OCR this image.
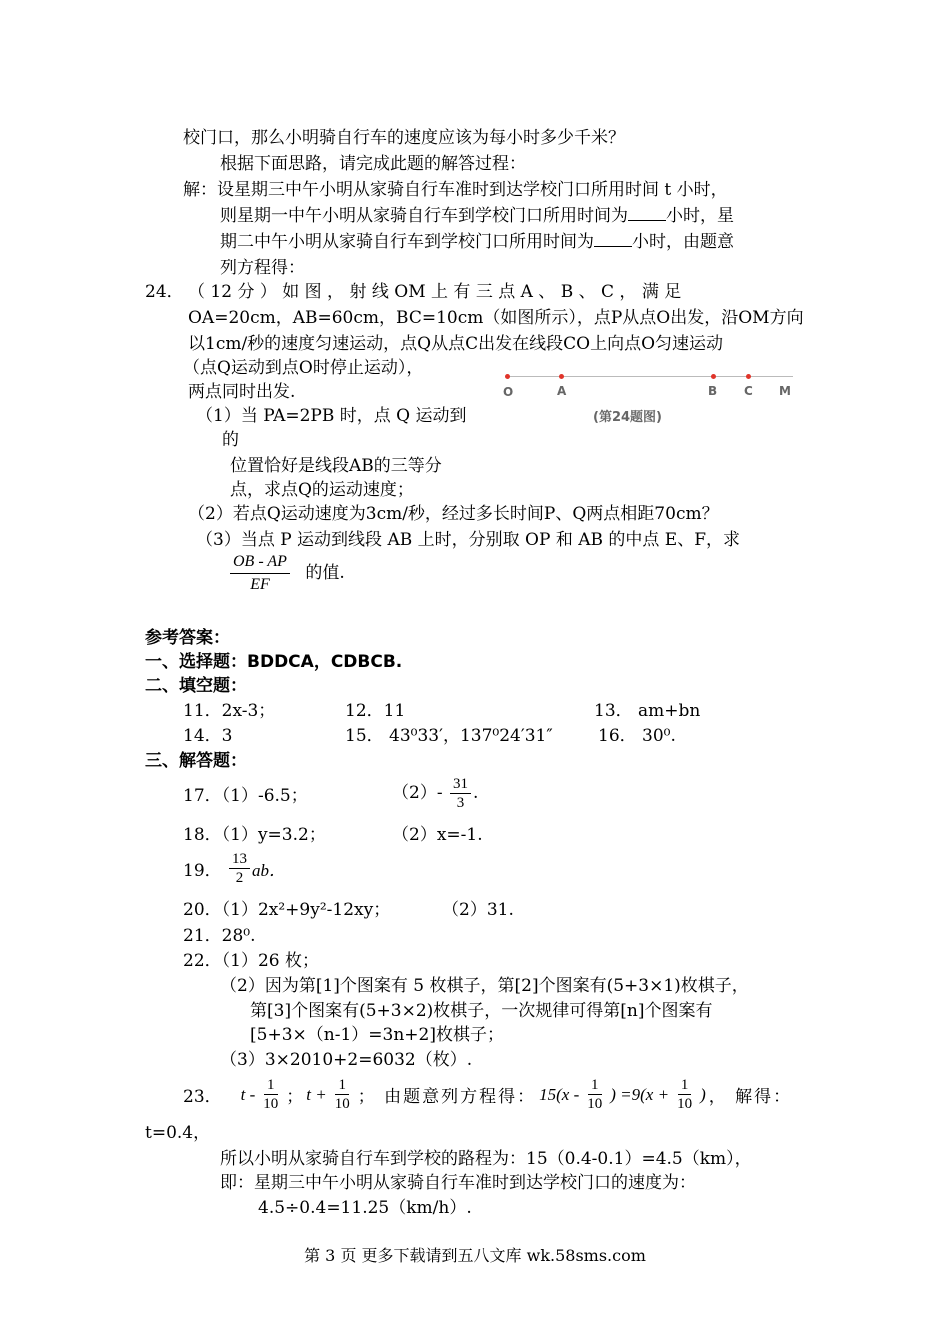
校门口，那么小明骑自行车的速度应该为每小时多少千米？
根据下面思路，请完成此题的解答过程：
解：设星期三中午小明从家骑自行车准时到达学校门口所用时间 t 小时，
则星期一中午小明从家骑自行车到学校门口所用时间为 小时，星
期二中午小明从家骑自行车到学校门口所用时间为 小时，由题意
列方程得：
24． （ 12 分 ） 如 图 ， 射 线 OM 上 有 三 点 A 、 B 、 C ， 满 足
OA=20cm，AB=60cm，BC=10cm（如图所示），点P从点O出发，沿OM方向
以1cm/秒的速度匀速运动，点Q从点C出发在线段CO上向点O匀速运动
（点Q运动到点O时停止运动），
两点同时出发.
（1）当 PA=2PB 时，点 Q 运动到
的
位置恰好是线段AB的三等分
点，求点Q的运动速度；
（2）若点Q运动速度为3cm/秒，经过多长时间P、Q两点相距70cm？
（3）当点 P 运动到线段 AB 上时，分别取 OP 和 AB 的中点 E、F，求
$\frac{OB - AP}{EF}$ 的值.
O	A	B C M
(第24题图)
参考答案：
一、选择题：BDDCA，CDBCB.
二、填空题：
11．2x-3；	12．11	13． am+bn
14．3	15． 43⁰33′，137⁰24′31″	16． 30⁰.
三、解答题：
17．（1）-6.5；	$(2)- \frac{31}{3}$ .
18．（1）y=3.2；	（2）x=-1.
19． $\frac{13}{2}$ ab．
20．（1）2x²+9y²-12xy；	（2）31.
21．28⁰.
22．（1）26 枚；
（2）因为第[1]个图案有 5 枚棋子，第[2]个图案有(5+3×1)枚棋子，
第[3]个图案有(5+3×2)枚棋子，一次规律可得第[n]个图案有
[5+3×（n-1）=3n+2]枚棋子；
（3）3×2010+2=6032（枚）.
23． t - $\frac{1}{10}$ ； $t + \frac{1}{10}$ ； 由题意列方程得： $15(x - \frac{1}{10}$ ) $=9(x + \frac{1}{10}$ ) ， 解得：
t=0.4，
所以小明从家骑自行车到学校的路程为：15（0.4-0.1）=4.5（km），
即：星期三中午小明从家骑自行车准时到达学校门口的速度为：
4.5÷0.4=11.25（km/h）.
第 3 页 更多下载请到五八文库 wk.58sms.com
